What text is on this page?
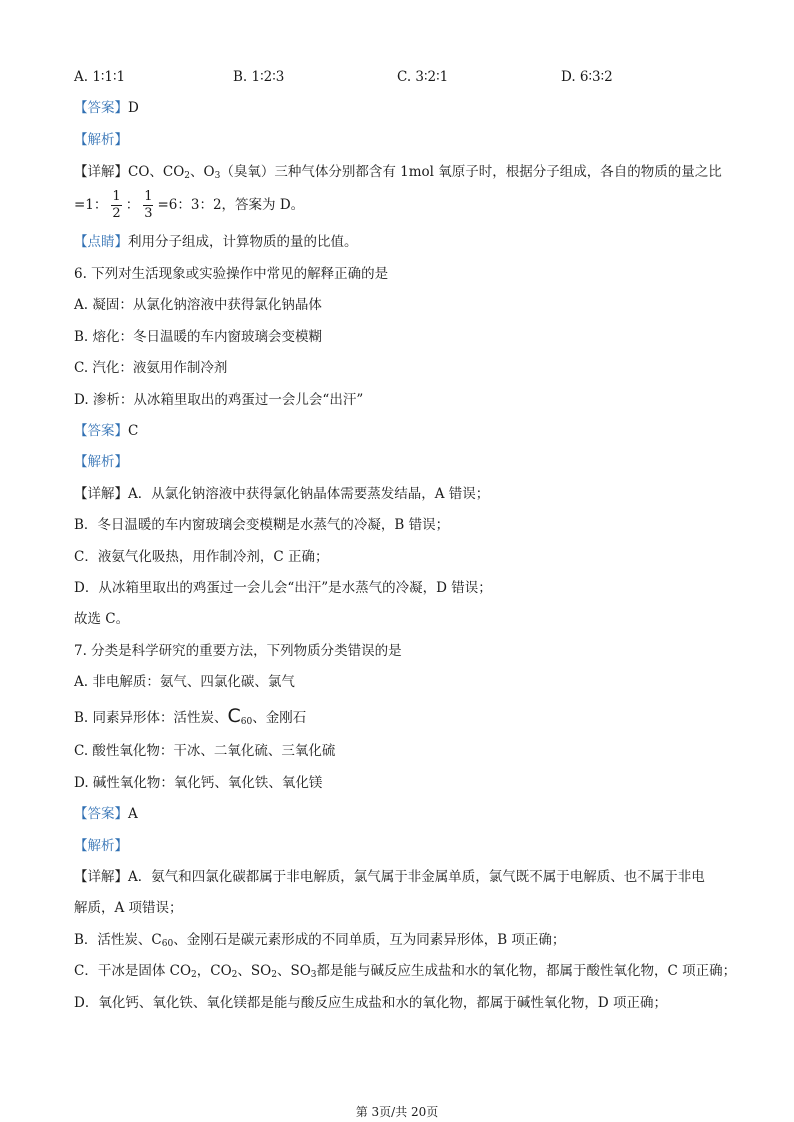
A. 1∶1∶1	B. 1∶2∶3	C. 3∶2∶1	D. 6∶3∶2
【答案】D
【解析】
【详解】CO、$CO_2$、$O_3$（臭氧）三种气体分别都含有 1mol 氧原子时，根据分子组成，各自的物质的量之比
=1： $\frac{1}{2}$ ： $\frac{1}{3} =6$：3：2，答案为 D。
【点睛】利用分子组成，计算物质的量的比值。
6. 下列对生活现象或实验操作中常见的解释正确的是
A. 凝固：从氯化钠溶液中获得氯化钠晶体
B. 熔化：冬日温暖的车内窗玻璃会变模糊
C. 汽化：液氨用作制冷剂
D. 渗析：从冰箱里取出的鸡蛋过一会儿会“出汗”
【答案】C
【解析】
【详解】A．从氯化钠溶液中获得氯化钠晶体需要蒸发结晶，A 错误；
B．冬日温暖的车内窗玻璃会变模糊是水蒸气的冷凝，B 错误；
C．液氨气化吸热，用作制冷剂，C 正确；
D．从冰箱里取出的鸡蛋过一会儿会“出汗”是水蒸气的冷凝，D 错误；
故选 C。
7. 分类是科学研究的重要方法，下列物质分类错误的是
A. 非电解质：氨气、四氯化碳、氯气
B. 同素异形体：活性炭、$C_{60}$、金刚石
C. 酸性氧化物：干冰、二氧化硫、三氧化硫
D. 碱性氧化物：氧化钙、氧化铁、氧化镁
【答案】A
【解析】
【详解】A．氨气和四氯化碳都属于非电解质，氯气属于非金属单质，氯气既不属于电解质、也不属于非电
解质，A 项错误；
B．活性炭、$C_{60}$、金刚石是碳元素形成的不同单质，互为同素异形体，B 项正确；
C．干冰是固体 $CO_2$，$CO_2$、$SO_2$、$SO_3$都是能与碱反应生成盐和水的氧化物，都属于酸性氧化物，C 项正确；
D．氧化钙、氧化铁、氧化镁都是能与酸反应生成盐和水的氧化物，都属于碱性氧化物，D 项正确；
第 3页/共 20页
